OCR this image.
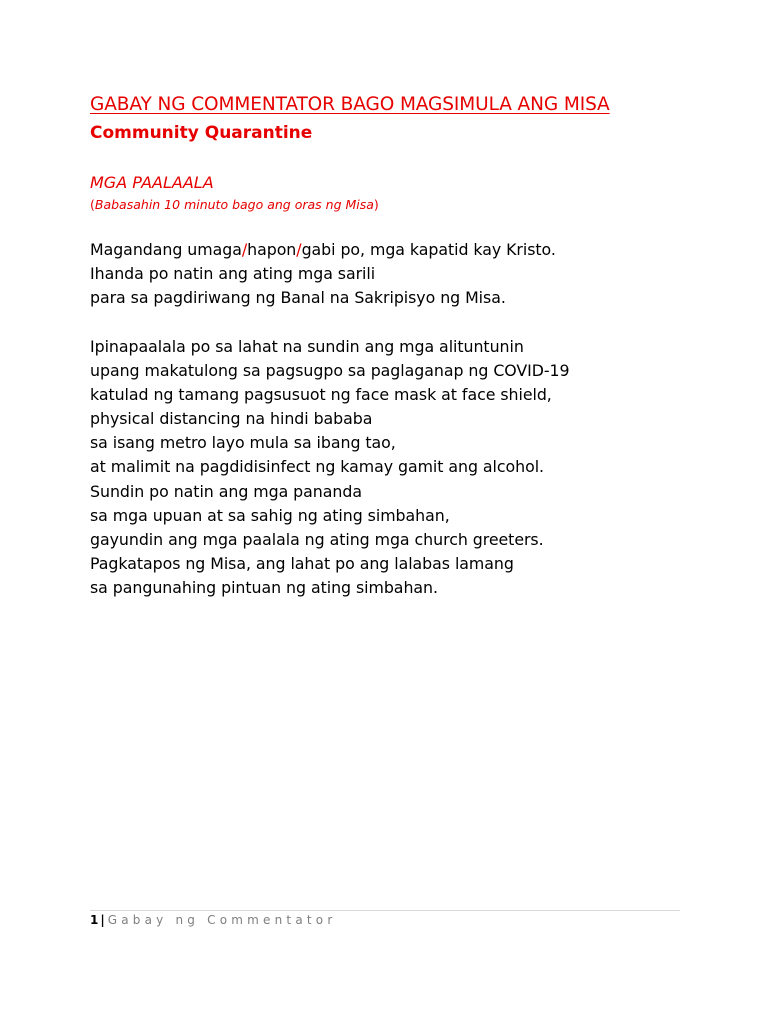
GABAY NG COMMENTATOR BAGO MAGSIMULA ANG MISA
Community Quarantine
MGA PAALAALA
(Babasahin 10 minuto bago ang oras ng Misa)
Magandang umaga/hapon/gabi po, mga kapatid kay Kristo.
Ihanda po natin ang ating mga sarili
para sa pagdiriwang ng Banal na Sakripisyo ng Misa.
Ipinapaalala po sa lahat na sundin ang mga alituntunin
upang makatulong sa pagsugpo sa paglaganap ng COVID-19
katulad ng tamang pagsusuot ng face mask at face shield,
physical distancing na hindi bababa
sa isang metro layo mula sa ibang tao,
at malimit na pagdidisinfect ng kamay gamit ang alcohol.
Sundin po natin ang mga pananda
sa mga upuan at sa sahig ng ating simbahan,
gayundin ang mga paalala ng ating mga church greeters.
Pagkatapos ng Misa, ang lahat po ang lalabas lamang
sa pangunahing pintuan ng ating simbahan.
1 | Gabay ng Commentator
